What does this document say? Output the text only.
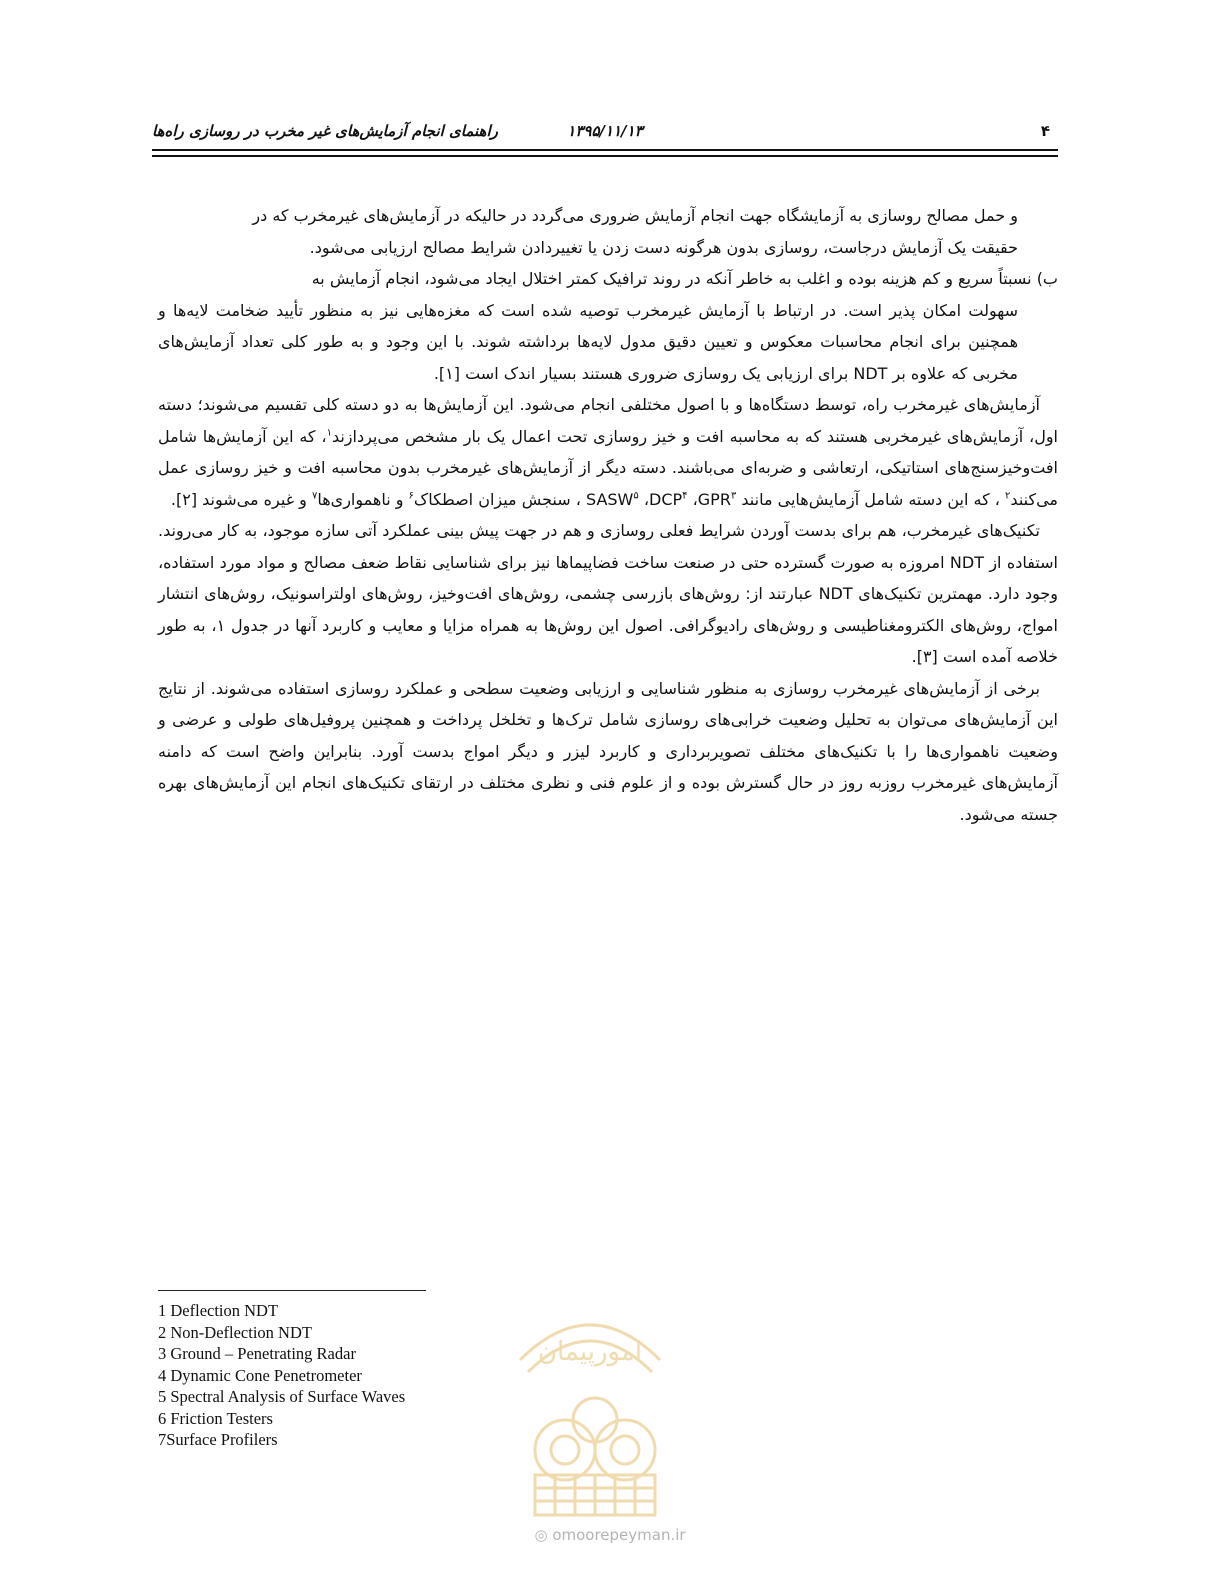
۴
۱۳۹۵/۱۱/۱۳
راهنمای انجام آزمایش‌های غیر مخرب در روسازی راه‌ها

و حمل مصالح روسازی به آزمایشگاه جهت انجام آزمایش ضروری می‌گردد در حالیکه در آزمایش‌های غیرمخرب که در

حقیقت یک آزمایش درجاست، روسازی بدون هرگونه دست زدن یا تغییردادن شرایط مصالح ارزیابی می‌شود.

ب) نسبتاً سریع و کم هزینه بوده و اغلب به خاطر آنکه در روند ترافیک کمتر اختلال ایجاد می‌شود، انجام آزمایش به

سهولت امکان پذیر است. در ارتباط با آزمایش غیرمخرب توصیه شده است که مغزه‌هایی نیز به منظور تأیید ضخامت لایه‌ها و همچنین برای انجام محاسبات معکوس و تعیین دقیق مدول لایه‌ها برداشته شوند. با این وجود و به طور کلی تعداد آزمایش‌های مخربی که علاوه بر NDT برای ارزیابی یک روسازی ضروری هستند بسیار اندک است [۱].

آزمایش‌های غیرمخرب راه، توسط دستگاه‌ها و با اصول مختلفی انجام می‌شود. این آزمایش‌ها به دو دسته کلی تقسیم می‌شوند؛ دسته اول، آزمایش‌های غیرمخربی هستند که به محاسبه افت و خیز روسازی تحت اعمال یک بار مشخص می‌پردازند$^۱$، که این آزمایش‌ها شامل افت‌وخیزسنج‌های استاتیکی، ارتعاشی و ضربه‌ای می‌باشند. دسته دیگر از آزمایش‌های غیرمخرب بدون محاسبه افت و خیز روسازی عمل می‌کنند$^۲$ ، که این دسته شامل آزمایش‌هایی مانند GPR$^۳$، DCP$^۴$، SASW$^۵$ ، سنجش میزان اصطکاک$^۶$ و ناهمواری‌ها$^۷$ و غیره می‌شوند [۲].

تکنیک‌های غیرمخرب، هم برای بدست آوردن شرایط فعلی روسازی و هم در جهت پیش بینی عملکرد آتی سازه موجود، به کار می‌روند. استفاده از NDT امروزه به صورت گسترده حتی در صنعت ساخت فضاپیماها نیز برای شناسایی نقاط ضعف مصالح و مواد مورد استفاده، وجود دارد. مهمترین تکنیک‌های NDT عبارتند از: روش‌های بازرسی چشمی، روش‌های افت‌وخیز، روش‌های اولتراسونیک، روش‌های انتشار امواج، روش‌های الکترومغناطیسی و روش‌های رادیوگرافی. اصول این روش‌ها به همراه مزایا و معایب و کاربرد آنها در جدول ۱، به طور خلاصه آمده است [۳].

برخی از آزمایش‌های غیرمخرب روسازی به منظور شناسایی و ارزیابی وضعیت سطحی و عملکرد روسازی استفاده می‌شوند. از نتایج این آزمایش‌های می‌توان به تحلیل وضعیت خرابی‌های روسازی شامل ترک‌ها و تخلخل پرداخت و همچنین پروفیل‌های طولی و عرضی و وضعیت ناهمواری‌ها را با تکنیک‌های مختلف تصویربرداری و کاربرد لیزر و دیگر امواج بدست آورد. بنابراین واضح است که دامنه آزمایش‌های غیرمخرب روزبه روز در حال گسترش بوده و از علوم فنی و نظری مختلف در ارتقای تکنیک‌های انجام این آزمایش‌های بهره جسته می‌شود.

1 Deflection NDT
2 Non-Deflection NDT
3 Ground – Penetrating Radar
4 Dynamic Cone Penetrometer
5 Spectral Analysis of Surface Waves
6 Friction Testers
7Surface Profilers
امورپیمان
◎ omoorepeyman.ir
